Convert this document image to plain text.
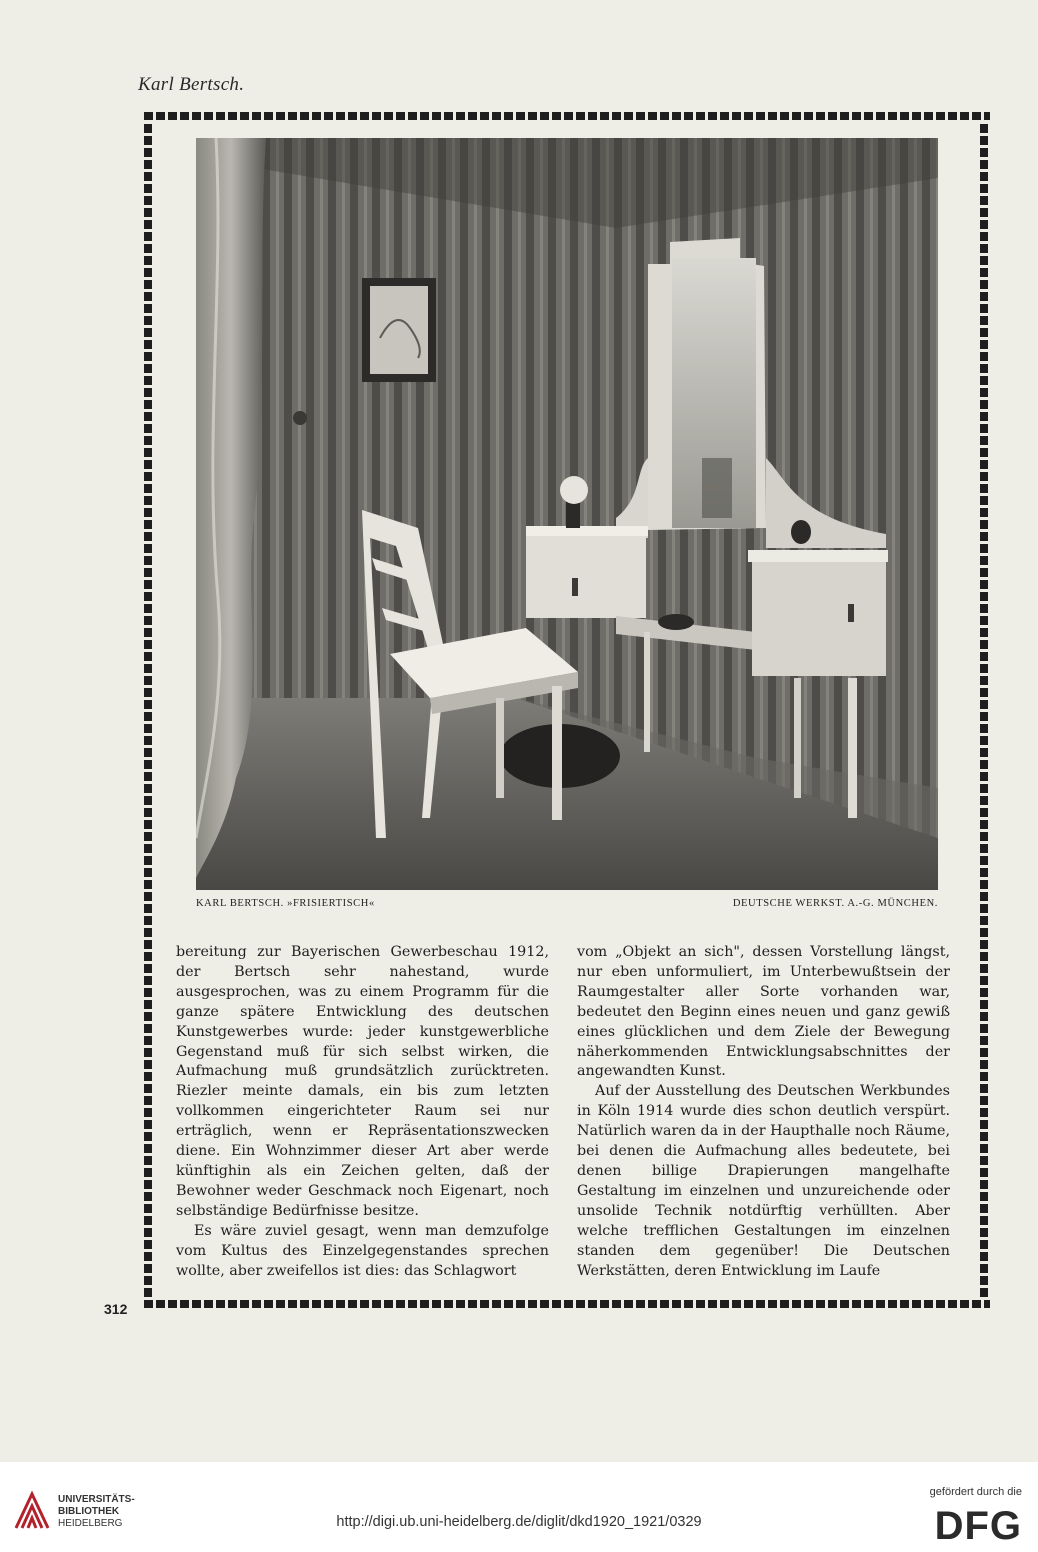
Karl Bertsch.
KARL BERTSCH. »FRISIERTISCH«	DEUTSCHE WERKST. A.-G. MÜNCHEN.

bereitung zur Bayerischen Gewerbeschau 1912, der Bertsch sehr nahestand, wurde ausgesprochen, was zu einem Programm für die ganze spätere Entwicklung des deutschen Kunstgewerbes wurde: jeder kunstgewerbliche Gegenstand muß für sich selbst wirken, die Aufmachung muß grundsätzlich zurücktreten. Riezler meinte damals, ein bis zum letzten vollkommen eingerichteter Raum sei nur erträglich, wenn er Repräsentationszwecken diene. Ein Wohnzimmer dieser Art aber werde künftighin als ein Zeichen gelten, daß der Bewohner weder Geschmack noch Eigenart, noch selbständige Bedürfnisse besitze.

Es wäre zuviel gesagt, wenn man demzufolge vom Kultus des Einzelgegenstandes sprechen wollte, aber zweifellos ist dies: das Schlagwort

vom „Objekt an sich", dessen Vorstellung längst, nur eben unformuliert, im Unterbewußtsein der Raumgestalter aller Sorte vorhanden war, bedeutet den Beginn eines neuen und ganz gewiß eines glücklichen und dem Ziele der Bewegung näherkommenden Entwicklungsabschnittes der angewandten Kunst.

Auf der Ausstellung des Deutschen Werkbundes in Köln 1914 wurde dies schon deutlich verspürt. Natürlich waren da in der Haupthalle noch Räume, bei denen die Aufmachung alles bedeutete, bei denen billige Drapierungen mangelhafte Gestaltung im einzelnen und unzureichende oder unsolide Technik notdürftig verhüllten. Aber welche trefflichen Gestaltungen im einzelnen standen dem gegenüber! Die Deutschen Werkstätten, deren Entwicklung im Laufe

312
UNIVERSITÄTS-
BIBLIOTHEK
HEIDELBERG	http://digi.ub.uni-heidelberg.de/diglit/dkd1920_1921/0329
gefördert durch die
DFG
